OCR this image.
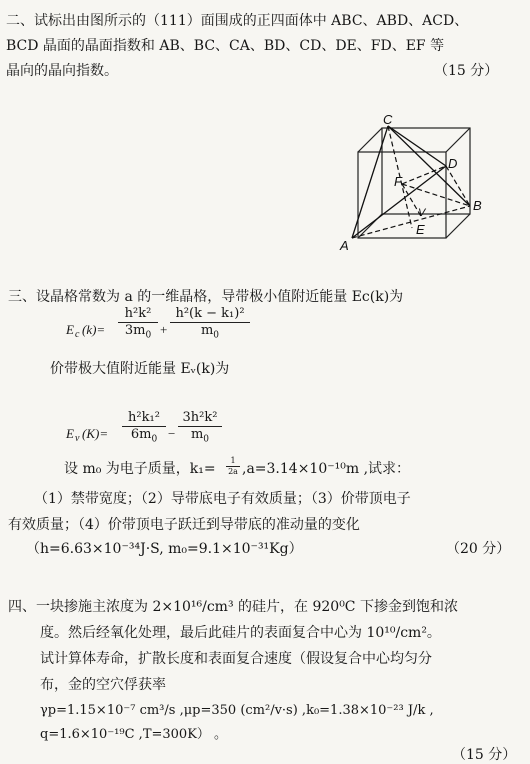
二、试标出由图所示的（111）面围成的正四面体中 ABC、ABD、ACD、
BCD 晶面的晶面指数和 AB、BC、CA、BD、CD、DE、FD、EF 等
晶向的晶向指数。	（15 分）
C
D
B
A
F
E
V
三、设晶格常数为 a 的一维晶格，导带极小值附近能量 Ec(k)为
E c $(k)= \frac{\text{h²k²}}{3m_0} + \frac{\text{h²(k − k₁)²}}{m_0}$
价带极大值附近能量 Eᵥ(k)为
E v $(K)= \frac{\text{h²k₁²}}{6m_0} - \frac{\text{3h²k²}}{m_0}$
设 m₀ 为电子质量，$k_1= \frac{1}{2a} ,a=3.14\times 10^{-10}m$ ,试求：
（1）禁带宽度；（2）导带底电子有效质量；（3）价带顶电子
有效质量；（4）价带顶电子跃迁到导带底的准动量的变化
（h=6.63×10⁻³⁴J·S, m₀=9.1×10⁻³¹Kg）	（20 分）
四、一块掺施主浓度为 2×10¹⁶/cm³ 的硅片，在 920⁰C 下掺金到饱和浓
度。然后经氧化处理，最后此硅片的表面复合中心为 10¹⁰/cm²。
试计算体寿命，扩散长度和表面复合速度（假设复合中心均匀分
布，金的空穴俘获率
γp=1.15×10⁻⁷ cm³/s ,μp=350 (cm²/v·s) ,k₀=1.38×10⁻²³ J/k ,
q=1.6×10⁻¹⁹C ,T=300K） 。
（15 分）
